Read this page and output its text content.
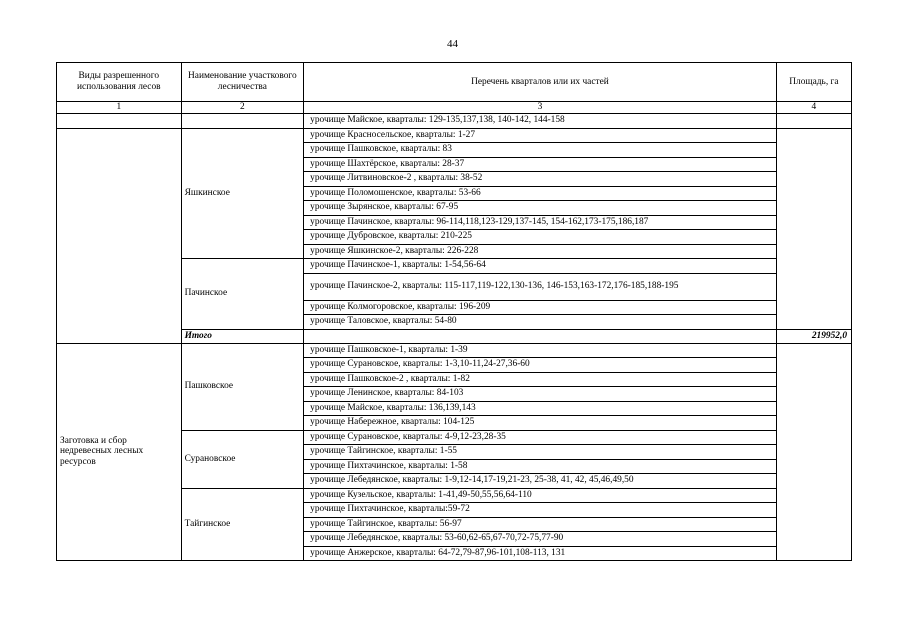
44
Виды разрешенного использования лесов	Наименование участкового лесничества	Перечень кварталов или их частей	Площадь, га
1	2	3	4
		урочище Майское, кварталы: 129-135,137,138, 140-142, 144-158	
	Яшкинское	урочище Красносельское, кварталы: 1-27	
		урочище Пашковское, кварталы: 83	
		урочище Шахтёрское, кварталы: 28-37	
		урочище Литвиновское-2 , кварталы: 38-52	
		урочище Поломошенское, кварталы: 53-66	
		урочище Зырянское, кварталы: 67-95	
		урочище Пачинское, кварталы: 96-114,118,123-129,137-145, 154-162,173-175,186,187	
		урочище Дубровское, кварталы: 210-225	
		урочище Яшкинское-2, кварталы: 226-228	
	Пачинское	урочище Пачинское-1, кварталы: 1-54,56-64	
		урочище Пачинское-2, кварталы: 115-117,119-122,130-136, 146-153,163-172,176-185,188-195	
		урочище Колмогоровское, кварталы: 196-209	
		урочище Таловское, кварталы: 54-80	
	Итого		219952,0
Заготовка и сбор недревесных лесных ресурсов	Пашковское	урочище Пашковское-1, кварталы: 1-39	
		урочище Сурановское, кварталы: 1-3,10-11,24-27,36-60	
		урочище Пашковское-2 , кварталы: 1-82	
		урочище Ленинское, кварталы: 84-103	
		урочище Майское, кварталы: 136,139,143	
		урочище Набережное, кварталы: 104-125	
	Сурановское	урочище Сурановское, кварталы: 4-9,12-23,28-35	
		урочище Тайгинское, кварталы: 1-55	
		урочище Пихтачинское, кварталы: 1-58	
		урочище Лебедянское, кварталы: 1-9,12-14,17-19,21-23, 25-38, 41, 42, 45,46,49,50	
	Тайгинское	урочище Кузельское, кварталы: 1-41,49-50,55,56,64-110	
		урочище Пихтачинское, кварталы:59-72	
		урочище Тайгинское, кварталы: 56-97	
		урочище Лебедянское, кварталы: 53-60,62-65,67-70,72-75,77-90	
		урочище Анжерское, кварталы: 64-72,79-87,96-101,108-113, 131	
